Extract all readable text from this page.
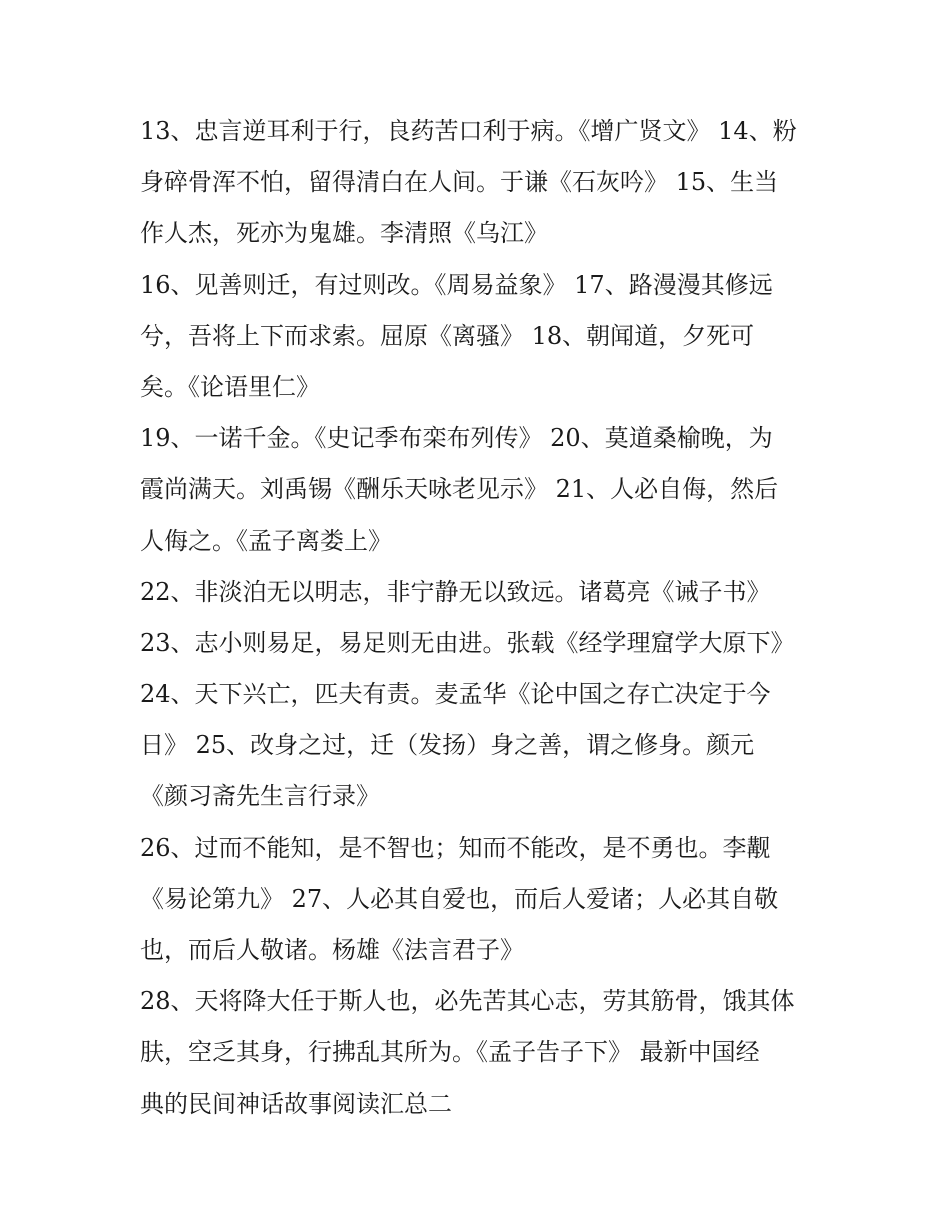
13、忠言逆耳利于行，良药苦口利于病。《增广贤文》 14、粉
身碎骨浑不怕，留得清白在人间。于谦《石灰吟》 15、生当
作人杰，死亦为鬼雄。李清照《乌江》
16、见善则迁，有过则改。《周易益象》 17、路漫漫其修远
兮，吾将上下而求索。屈原《离骚》 18、朝闻道，夕死可
矣。《论语里仁》
19、一诺千金。《史记季布栾布列传》 20、莫道桑榆晚，为
霞尚满天。刘禹锡《酬乐天咏老见示》 21、人必自侮，然后
人侮之。《孟子离娄上》
22、非淡泊无以明志，非宁静无以致远。诸葛亮《诫子书》
23、志小则易足，易足则无由进。张载《经学理窟学大原下》
24、天下兴亡，匹夫有责。麦孟华《论中国之存亡决定于今
日》 25、改身之过，迁（发扬）身之善，谓之修身。颜元
《颜习斋先生言行录》
26、过而不能知，是不智也；知而不能改，是不勇也。李觏
《易论第九》 27、人必其自爱也，而后人爱诸；人必其自敬
也，而后人敬诸。杨雄《法言君子》
28、天将降大任于斯人也，必先苦其心志，劳其筋骨，饿其体
肤，空乏其身，行拂乱其所为。《孟子告子下》 最新中国经
典的民间神话故事阅读汇总二
